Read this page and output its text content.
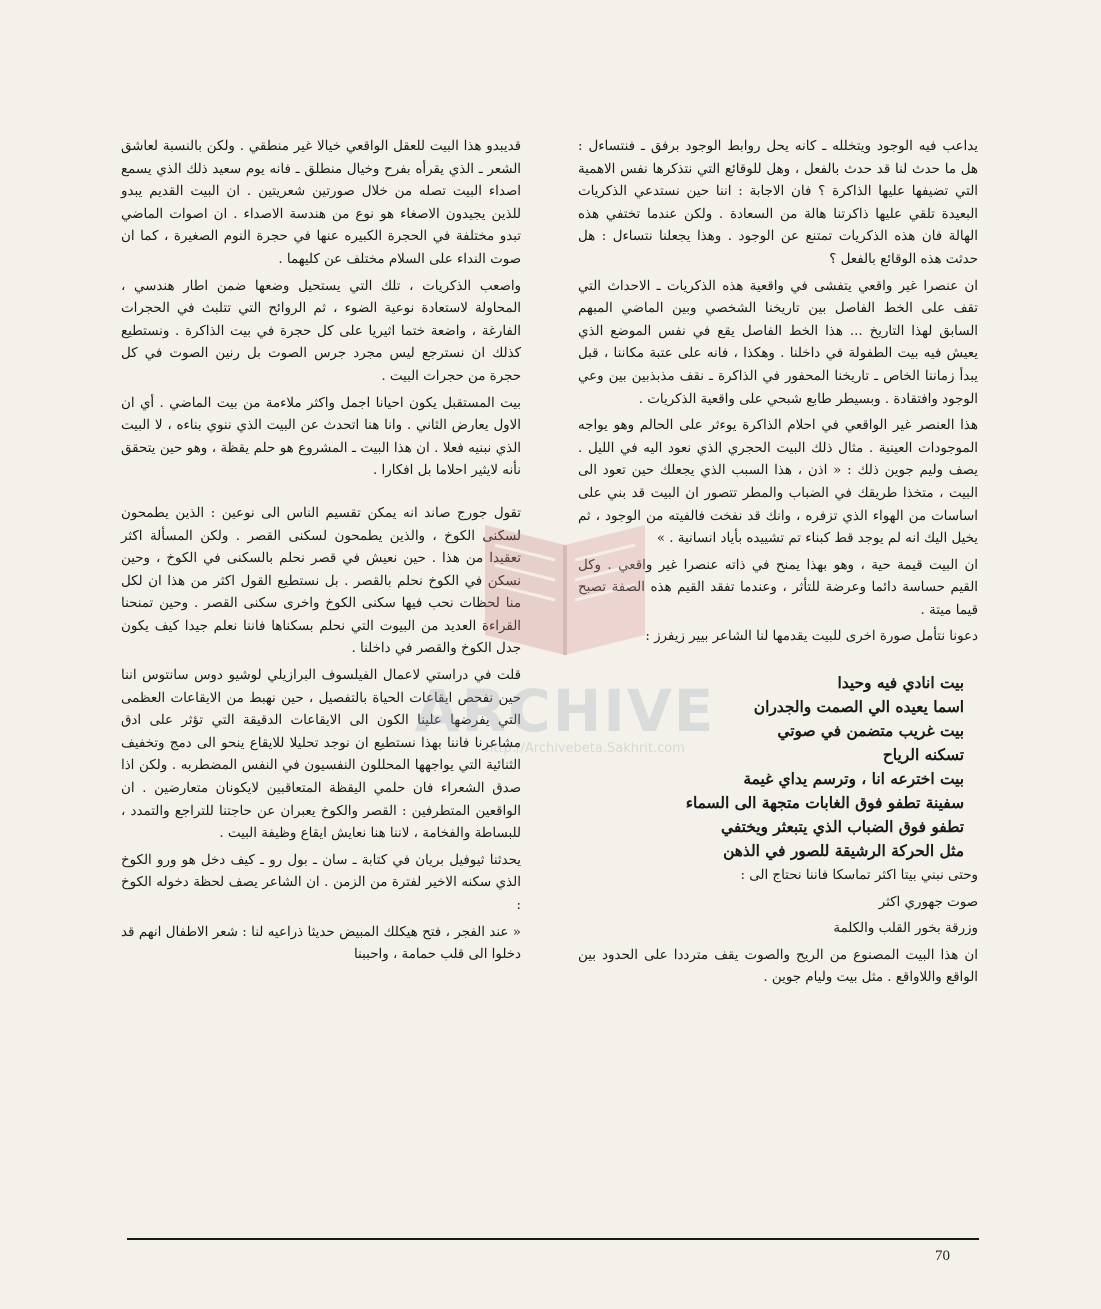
يداعب فيه الوجود ويتخلله ـ كانه يحل روابط الوجود برفق ـ فنتساءل : هل ما حدث لنا قد حدث بالفعل ، وهل للوقائع التي نتذكرها نفس الاهمية التي تضيفها عليها الذاكرة ؟ فان الاجابة : اننا حين نستدعي الذكريات البعيدة تلقي عليها ذاكرتنا هالة من السعادة . ولكن عندما تختفي هذه الهالة فان هذه الذكريات تمتنع عن الوجود . وهذا يجعلنا نتساءل : هل حدثت هذه الوقائع بالفعل ؟

ان عنصرا غير واقعي يتفشى في واقعية هذه الذكريات ـ الاحداث التي تقف على الخط الفاصل بين تاريخنا الشخصي وبين الماضي المبهم السابق لهذا التاريخ ... هذا الخط الفاصل يقع في نفس الموضع الذي يعيش فيه بيت الطفولة في داخلنا . وهكذا ، فانه على عتبة مكاننا ، قبل يبدأ زماننا الخاص ـ تاريخنا المحفور في الذاكرة ـ نقف مذبذبين بين وعي الوجود وافتقادة . وبسيطر طابع شبحي على واقعية الذكريات .

هذا العنصر غير الواقعي في احلام الذاكرة يوءثر على الحالم وهو يواجه الموجودات العينية . مثال ذلك البيت الحجري الذي نعود اليه في الليل . يصف وليم جوين ذلك : « اذن ، هذا السبب الذي يجعلك حين تعود الى البيت ، متخذا طريقك في الضباب والمطر تتصور ان البيت قد بني على اساسات من الهواء الذي تزفره ، وانك قد نفخت فالفيته من الوجود ، ثم يخيل اليك انه لم يوجد قط كبناء تم تشييده بأياد انسانية . »

ان البيت قيمة حية ، وهو بهذا يمنح في ذاته عنصرا غير واقعي . وكل القيم حساسة دائما وعرضة للتأثر ، وعندما تفقد القيم هذه الصفة تصبح قيما ميتة .

دعونا نتأمل صورة اخرى للبيت يقدمها لنا الشاعر بيير زيفرز :

بيت انادي فيه وحيدا
اسما يعيده الي الصمت والجدران
بيت غريب متضمن في صوتي
تسكنه الرياح
بيت اخترعه انا ، وترسم يداي غيمة
سفينة تطفو فوق الغابات متجهة الى السماء
تطفو فوق الضباب الذي يتبعثر ويختفي
مثل الحركة الرشيقة للصور في الذهن

وحتى نبني بيتا اكثر تماسكا فاننا نحتاج الى :

صوت جهوري اكثر

وزرقة بخور القلب والكلمة

ان هذا البيت المصنوع من الريح والصوت يقف مترددا على الحدود بين الواقع واللاواقع . مثل بيت وليام جوين .

قديبدو هذا البيت للعقل الواقعي خيالا غير منطقي . ولكن بالنسبة لعاشق الشعر ـ الذي يقرأه بفرح وخيال منطلق ـ فانه يوم سعيد ذلك الذي يسمع اصداء البيت تصله من خلال صورتين شعريتين . ان البيت القديم يبدو للذين يجيدون الاصغاء هو نوع من هندسة الاصداء . ان اصوات الماضي تبدو مختلفة في الحجرة الكبيره عنها في حجرة النوم الصغيرة ، كما ان صوت النداء على السلام مختلف عن كليهما .

واصعب الذكريات ، تلك التي يستحيل وضعها ضمن اطار هندسي ، المحاولة لاستعادة نوعية الضوء ، ثم الروائح التي تتلبث في الحجرات الفارغة ، واضعة ختما اثيريا على كل حجرة في بيت الذاكرة . ونستطيع كذلك ان نسترجع ليس مجرد جرس الصوت بل رنين الصوت في كل حجرة من حجرات البيت .

بيت المستقبل يكون احيانا اجمل واكثر ملاءمة من بيت الماضي . أي ان الاول يعارض الثاني . وانا هنا اتحدث عن البيت الذي ننوي بناءه ، لا البيت الذي نبنيه فعلا . ان هذا البيت ـ المشروع هو حلم يقظة ، وهو حين يتحقق نأنه لايثير احلاما بل افكارا .

تقول جورج صاند انه يمكن تقسيم الناس الى نوعين : الذين يطمحون لسكنى الكوخ ، والذين يطمحون لسكنى القصر . ولكن المسألة اكثر تعقيدا من هذا . حين نعيش في قصر نحلم بالسكنى في الكوخ ، وحين نسكن في الكوخ نحلم بالقصر . بل نستطيع القول اكثر من هذا ان لكل منا لحظات نحب فيها سكنى الكوخ واخرى سكنى القصر . وحين تمنحنا القراءة العديد من البيوت التي نحلم بسكناها فاننا نعلم جيدا كيف يكون جدل الكوخ والقصر في داخلنا .

قلت في دراستي لاعمال الفيلسوف البرازيلي لوشيو دوس سانتوس اننا حين نفحص ايقاعات الحياة بالتفصيل ، حين نهبط من الايقاعات العظمى التي يفرضها علينا الكون الى الايقاعات الدقيقة التي تؤثر على ادق مشاعرنا فاننا بهذا نستطيع ان نوجد تحليلا للايقاع ينحو الى دمج وتخفيف الثنائية التي يواجهها المحللون النفسيون في النفس المضطربه . ولكن اذا صدق الشعراء فان حلمي اليقظة المتعاقبين لايكونان متعارضين . ان الواقعين المتطرفين : القصر والكوخ يعبران عن حاجتنا للتراجع والتمدد ، للبساطة والفخامة ، لاننا هنا نعايش ايقاع وظيفة البيت .

يحدثنا ثيوفيل بريان في كتابة ـ سان ـ بول رو ـ كيف دخل هو ورو الكوخ الذي سكنه الاخير لفترة من الزمن . ان الشاعر يصف لحظة دخوله الكوخ :

« عند الفجر ، فتح هيكلك المبيض حديثا ذراعيه لنا : شعر الاطفال انهم قد دخلوا الى قلب حمامة ، واحببنا

ARCHIVE
http://Archivebeta.Sakhrit.com
70
